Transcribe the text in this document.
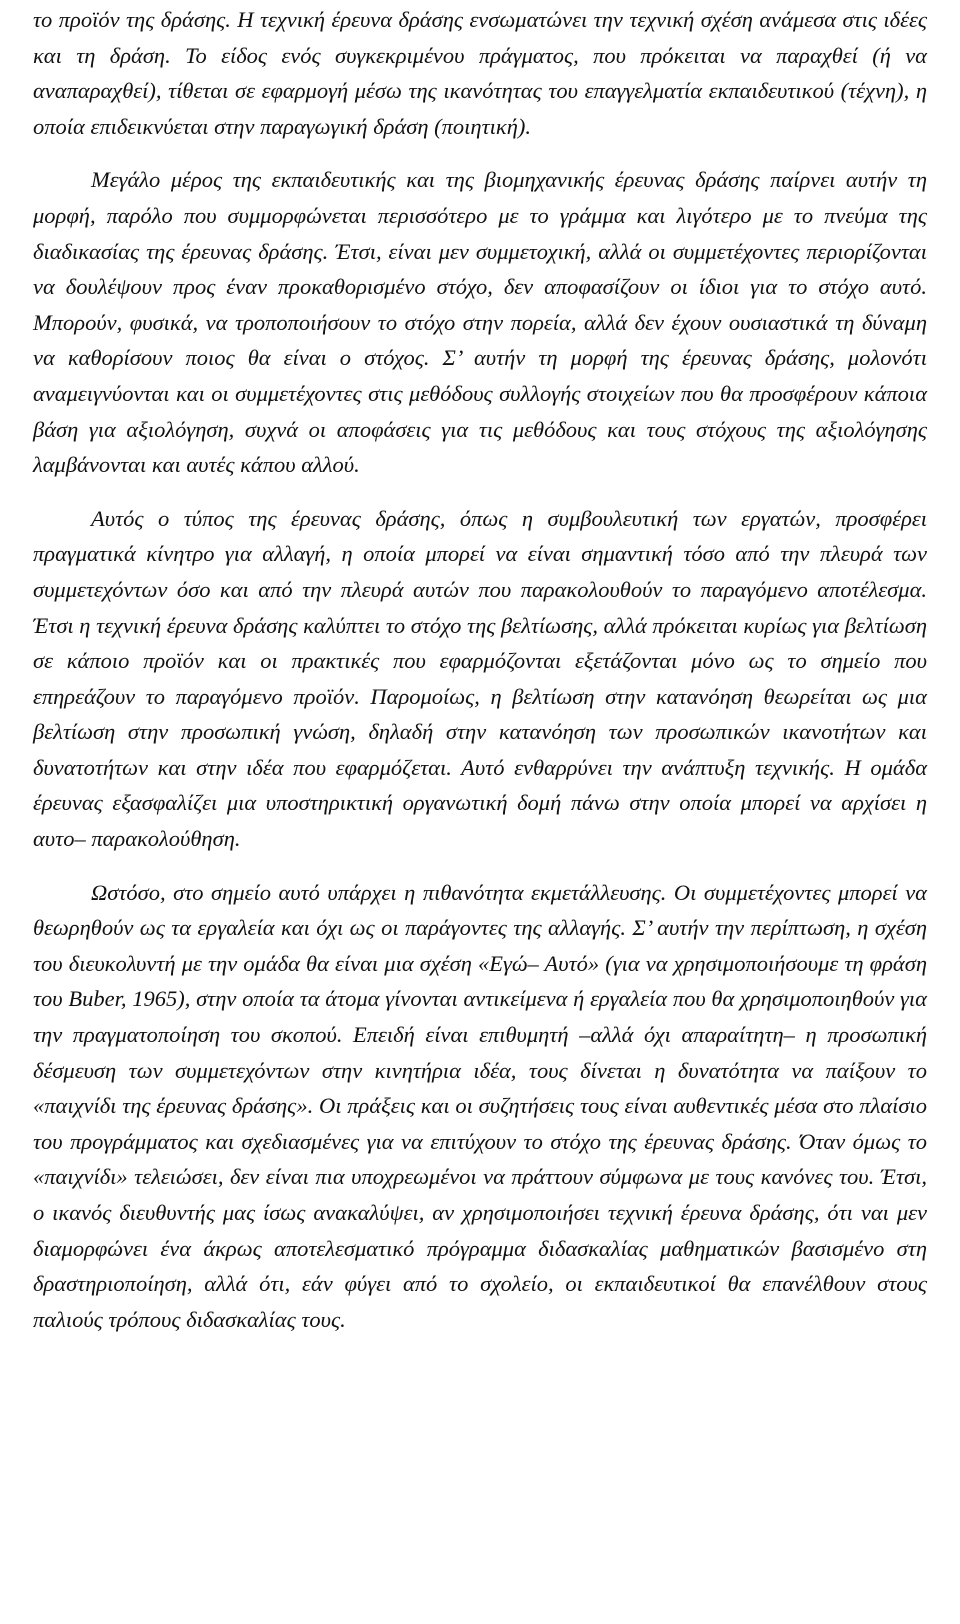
το προϊόν της δράσης. Η τεχνική έρευνα δράσης ενσωματώνει την τεχνική σχέση ανάμεσα στις ιδέες και τη δράση. Το είδος ενός συγκεκριμένου πράγματος, που πρόκειται να παραχθεί (ή να αναπαραχθεί), τίθεται σε εφαρμογή μέσω της ικανότητας του επαγγελματία εκπαιδευτικού (τέχνη), η οποία επιδεικνύεται στην παραγωγική δράση (ποιητική).

Μεγάλο μέρος της εκπαιδευτικής και της βιομηχανικής έρευνας δράσης παίρνει αυτήν τη μορφή, παρόλο που συμμορφώνεται περισσότερο με το γράμμα και λιγότερο με το πνεύμα της διαδικασίας της έρευνας δράσης. Έτσι, είναι μεν συμμετοχική, αλλά οι συμμετέχοντες περιορίζονται να δουλέψουν προς έναν προκαθορισμένο στόχο, δεν αποφασίζουν οι ίδιοι για το στόχο αυτό. Μπορούν, φυσικά, να τροποποιήσουν το στόχο στην πορεία, αλλά δεν έχουν ουσιαστικά τη δύναμη να καθορίσουν ποιος θα είναι ο στόχος. Σ’ αυτήν τη μορφή της έρευνας δράσης, μολονότι αναμειγνύονται και οι συμμετέχοντες στις μεθόδους συλλογής στοιχείων που θα προσφέρουν κάποια βάση για αξιολόγηση, συχνά οι αποφάσεις για τις μεθόδους και τους στόχους της αξιολόγησης λαμβάνονται και αυτές κάπου αλλού.

Αυτός ο τύπος της έρευνας δράσης, όπως η συμβουλευτική των εργατών, προσφέρει πραγματικά κίνητρο για αλλαγή, η οποία μπορεί να είναι σημαντική τόσο από την πλευρά των συμμετεχόντων όσο και από την πλευρά αυτών που παρακολουθούν το παραγόμενο αποτέλεσμα. Έτσι η τεχνική έρευνα δράσης καλύπτει το στόχο της βελτίωσης, αλλά πρόκειται κυρίως για βελτίωση σε κάποιο προϊόν και οι πρακτικές που εφαρμόζονται εξετάζονται μόνο ως το σημείο που επηρεάζουν το παραγόμενο προϊόν. Παρομοίως, η βελτίωση στην κατανόηση θεωρείται ως μια βελτίωση στην προσωπική γνώση, δηλαδή στην κατανόηση των προσωπικών ικανοτήτων και δυνατοτήτων και στην ιδέα που εφαρμόζεται. Αυτό ενθαρρύνει την ανάπτυξη τεχνικής. Η ομάδα έρευνας εξασφαλίζει μια υποστηρικτική οργανωτική δομή πάνω στην οποία μπορεί να αρχίσει η αυτο– παρακολούθηση.

Ωστόσο, στο σημείο αυτό υπάρχει η πιθανότητα εκμετάλλευσης. Οι συμμετέχοντες μπορεί να θεωρηθούν ως τα εργαλεία και όχι ως οι παράγοντες της αλλαγής. Σ’ αυτήν την περίπτωση, η σχέση του διευκολυντή με την ομάδα θα είναι μια σχέση «Εγώ– Αυτό» (για να χρησιμοποιήσουμε τη φράση του Buber, 1965), στην οποία τα άτομα γίνονται αντικείμενα ή εργαλεία που θα χρησιμοποιηθούν για την πραγματοποίηση του σκοπού. Επειδή είναι επιθυμητή –αλλά όχι απαραίτητη– η προσωπική δέσμευση των συμμετεχόντων στην κινητήρια ιδέα, τους δίνεται η δυνατότητα να παίξουν το «παιχνίδι της έρευνας δράσης». Οι πράξεις και οι συζητήσεις τους είναι αυθεντικές μέσα στο πλαίσιο του προγράμματος και σχεδιασμένες για να επιτύχουν το στόχο της έρευνας δράσης. Όταν όμως το «παιχνίδι» τελειώσει, δεν είναι πια υποχρεωμένοι να πράττουν σύμφωνα με τους κανόνες του. Έτσι, ο ικανός διευθυντής μας ίσως ανακαλύψει, αν χρησιμοποιήσει τεχνική έρευνα δράσης, ότι ναι μεν διαμορφώνει ένα άκρως αποτελεσματικό πρόγραμμα διδασκαλίας μαθηματικών βασισμένο στη δραστηριοποίηση, αλλά ότι, εάν φύγει από το σχολείο, οι εκπαιδευτικοί θα επανέλθουν στους παλιούς τρόπους διδασκαλίας τους.
